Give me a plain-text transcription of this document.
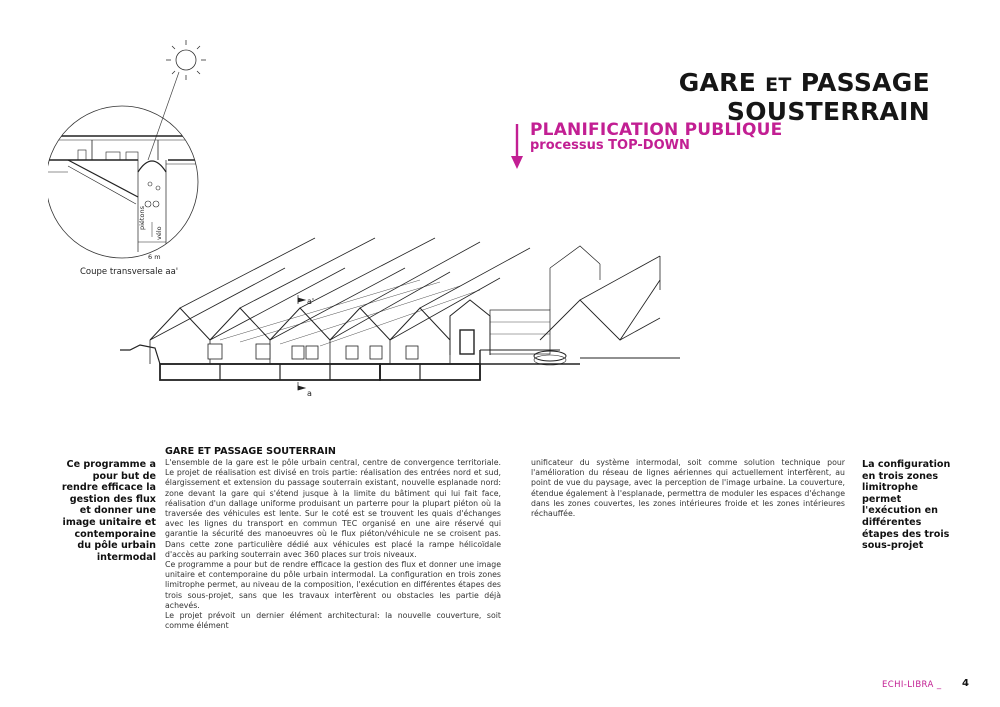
GARE ET PASSAGE SOUSTERRAIN
PLANIFICATION PUBLIQUE
processus TOP-DOWN
piétons
vélo
6 m
Coupe transversale aa'
a'
a
Ce programme a pour but de rendre efficace la gestion des flux et donner une image unitaire et contemporaine du pôle urbain intermodal
La configuration en trois zones limitrophe permet l'exécution en différentes étapes des trois sous-projet
GARE ET PASSAGE SOUTERRAIN

L'ensemble de la gare est le pôle urbain central, centre de convergence territoriale. Le projet de réalisation est divisé en trois partie: réalisation des entrées nord et sud, élargissement et extension du passage souterrain existant, nouvelle esplanade nord: zone devant la gare qui s'étend jusque à la limite du bâtiment qui lui fait face, réalisation d'un dallage uniforme produisant un parterre pour la plupart piéton où la traversée des véhicules est lente. Sur le coté est se trouvent les quais d'échanges avec les lignes du transport en commun TEC organisé en une aire réservé qui garantie la sécurité des manoeuvres où le flux piéton/véhicule ne se croisent pas. Dans cette zone particulière dédié aux véhicules est placé la rampe hélicoïdale d'accès au parking souterrain avec 360 places sur trois niveaux.

Ce programme a pour but de rendre efficace la gestion des flux et donner une image unitaire et contemporaine du pôle urbain intermodal. La configuration en trois zones limitrophe permet, au niveau de la composition, l'exécution en différentes étapes des trois sous-projet, sans que les travaux interfèrent ou obstacles les partie déjà achevés.

Le projet prévoit un dernier élément architectural: la nouvelle couverture, soit comme élément

unificateur du système intermodal, soit comme solution technique pour l'amélioration du réseau de lignes aériennes qui actuellement interfèrent, au point de vue du paysage, avec la perception de l'image urbaine. La couverture, étendue également à l'esplanade, permettra de moduler les espaces d'échange dans les zones couvertes, les zones intérieures froide et les zones intérieures réchauffée.

ECHI-LIBRA _ 4
